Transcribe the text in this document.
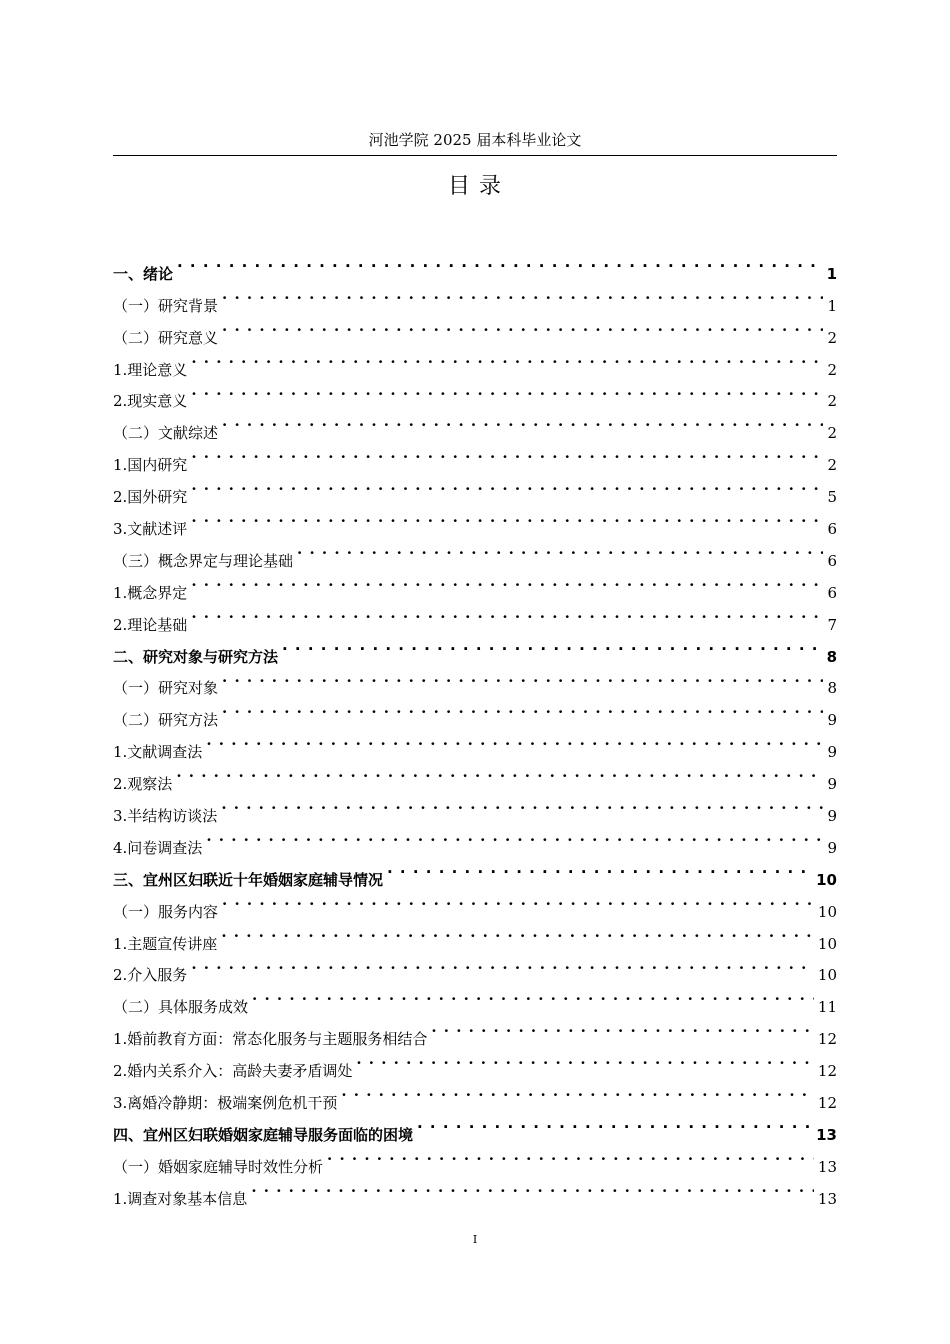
河池学院 2025 届本科毕业论文
目 录
一、绪论 . . .	1
（一）研究背景 . . .	1
（二）研究意义 . . .	2
1.理论意义 . . .	2
2.现实意义 . . .	2
（二）文献综述 . . .	2
1.国内研究 . . .	2
2.国外研究 . . .	5
3.文献述评 . . .	6
（三）概念界定与理论基础 . . .	6
1.概念界定 . . .	6
2.理论基础 . . .	7
二、研究对象与研究方法 . . .	8
（一）研究对象 . . .	8
（二）研究方法 . . .	9
1.文献调查法 . . .	9
2.观察法 . . .	9
3.半结构访谈法 . . .	9
4.问卷调查法 . . .	9
三、宜州区妇联近十年婚姻家庭辅导情况 . . .	10
（一）服务内容 . . .	10
1.主题宣传讲座 . . .	10
2.介入服务 . . .	10
（二）具体服务成效 . . .	11
1.婚前教育方面：常态化服务与主题服务相结合 . . .	12
2.婚内关系介入：高龄夫妻矛盾调处 . . .	12
3.离婚冷静期：极端案例危机干预 . . .	12
四、宜州区妇联婚姻家庭辅导服务面临的困境 . . .	13
（一）婚姻家庭辅导时效性分析 . . .	13
1.调查对象基本信息 . . .	13
I
